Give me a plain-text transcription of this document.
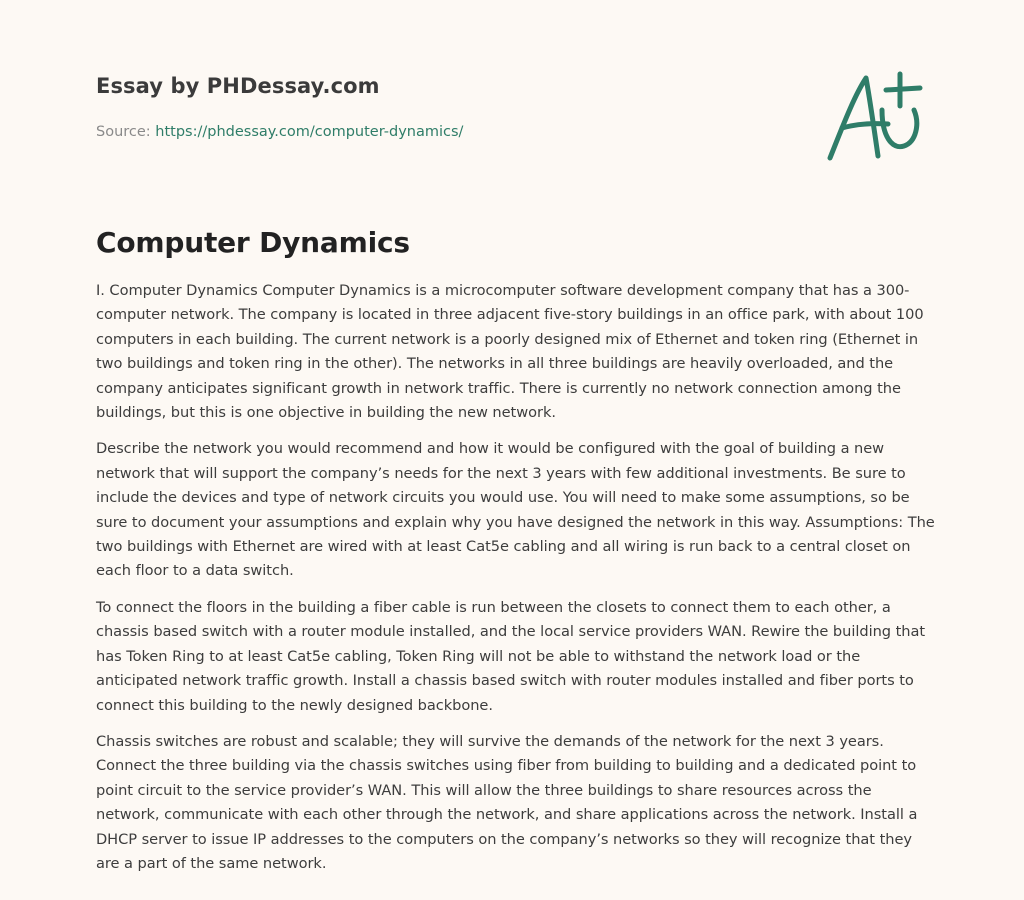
Essay by PHDessay.com
Source: https://phdessay.com/computer-dynamics/
Computer Dynamics

I. Computer Dynamics Computer Dynamics is a microcomputer software development company that has a 300-computer network. The company is located in three adjacent five-story buildings in an office park, with about 100 computers in each building. The current network is a poorly designed mix of Ethernet and token ring (Ethernet in two buildings and token ring in the other). The networks in all three buildings are heavily overloaded, and the company anticipates significant growth in network traffic. There is currently no network connection among the buildings, but this is one objective in building the new network.

Describe the network you would recommend and how it would be configured with the goal of building a new network that will support the company’s needs for the next 3 years with few additional investments. Be sure to include the devices and type of network circuits you would use. You will need to make some assumptions, so be sure to document your assumptions and explain why you have designed the network in this way. Assumptions: The two buildings with Ethernet are wired with at least Cat5e cabling and all wiring is run back to a central closet on each floor to a data switch.

To connect the floors in the building a fiber cable is run between the closets to connect them to each other, a chassis based switch with a router module installed, and the local service providers WAN. Rewire the building that has Token Ring to at least Cat5e cabling, Token Ring will not be able to withstand the network load or the anticipated network traffic growth. Install a chassis based switch with router modules installed and fiber ports to connect this building to the newly designed backbone.

Chassis switches are robust and scalable; they will survive the demands of the network for the next 3 years. Connect the three building via the chassis switches using fiber from building to building and a dedicated point to point circuit to the service provider’s WAN. This will allow the three buildings to share resources across the network, communicate with each other through the network, and share applications across the network. Install a DHCP server to issue IP addresses to the computers on the company’s networks so they will recognize that they are a part of the same network.
